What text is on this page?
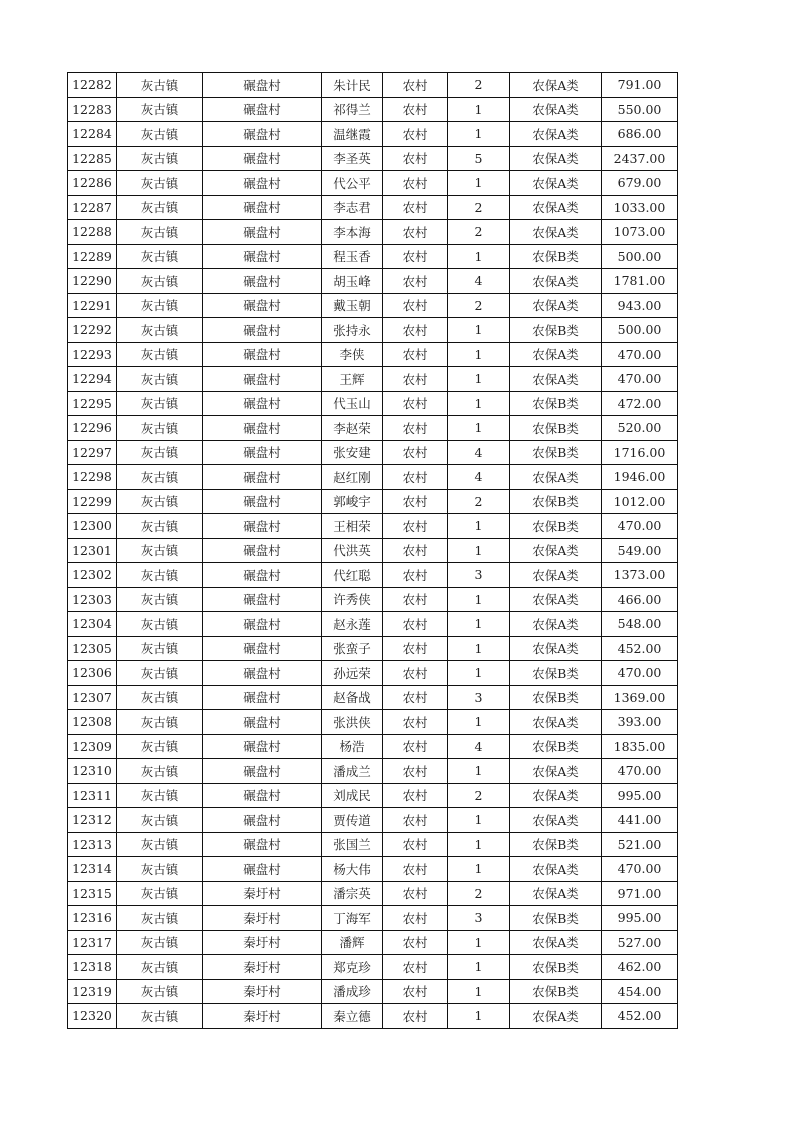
12282	灰古镇	碾盘村	朱计民	农村	2	农保A类	791.00
12283	灰古镇	碾盘村	祁得兰	农村	1	农保A类	550.00
12284	灰古镇	碾盘村	温继霞	农村	1	农保A类	686.00
12285	灰古镇	碾盘村	李圣英	农村	5	农保A类	2437.00
12286	灰古镇	碾盘村	代公平	农村	1	农保A类	679.00
12287	灰古镇	碾盘村	李志君	农村	2	农保A类	1033.00
12288	灰古镇	碾盘村	李本海	农村	2	农保A类	1073.00
12289	灰古镇	碾盘村	程玉香	农村	1	农保B类	500.00
12290	灰古镇	碾盘村	胡玉峰	农村	4	农保A类	1781.00
12291	灰古镇	碾盘村	戴玉朝	农村	2	农保A类	943.00
12292	灰古镇	碾盘村	张持永	农村	1	农保B类	500.00
12293	灰古镇	碾盘村	李侠	农村	1	农保A类	470.00
12294	灰古镇	碾盘村	王辉	农村	1	农保A类	470.00
12295	灰古镇	碾盘村	代玉山	农村	1	农保B类	472.00
12296	灰古镇	碾盘村	李赵荣	农村	1	农保B类	520.00
12297	灰古镇	碾盘村	张安建	农村	4	农保B类	1716.00
12298	灰古镇	碾盘村	赵红刚	农村	4	农保A类	1946.00
12299	灰古镇	碾盘村	郭峻宇	农村	2	农保B类	1012.00
12300	灰古镇	碾盘村	王相荣	农村	1	农保B类	470.00
12301	灰古镇	碾盘村	代洪英	农村	1	农保A类	549.00
12302	灰古镇	碾盘村	代红聪	农村	3	农保A类	1373.00
12303	灰古镇	碾盘村	许秀侠	农村	1	农保A类	466.00
12304	灰古镇	碾盘村	赵永莲	农村	1	农保A类	548.00
12305	灰古镇	碾盘村	张蛮子	农村	1	农保A类	452.00
12306	灰古镇	碾盘村	孙远荣	农村	1	农保B类	470.00
12307	灰古镇	碾盘村	赵备战	农村	3	农保B类	1369.00
12308	灰古镇	碾盘村	张洪侠	农村	1	农保A类	393.00
12309	灰古镇	碾盘村	杨浩	农村	4	农保B类	1835.00
12310	灰古镇	碾盘村	潘成兰	农村	1	农保A类	470.00
12311	灰古镇	碾盘村	刘成民	农村	2	农保A类	995.00
12312	灰古镇	碾盘村	贾传道	农村	1	农保A类	441.00
12313	灰古镇	碾盘村	张国兰	农村	1	农保B类	521.00
12314	灰古镇	碾盘村	杨大伟	农村	1	农保A类	470.00
12315	灰古镇	秦圩村	潘宗英	农村	2	农保A类	971.00
12316	灰古镇	秦圩村	丁海军	农村	3	农保B类	995.00
12317	灰古镇	秦圩村	潘辉	农村	1	农保A类	527.00
12318	灰古镇	秦圩村	郑克珍	农村	1	农保B类	462.00
12319	灰古镇	秦圩村	潘成珍	农村	1	农保B类	454.00
12320	灰古镇	秦圩村	秦立德	农村	1	农保A类	452.00
